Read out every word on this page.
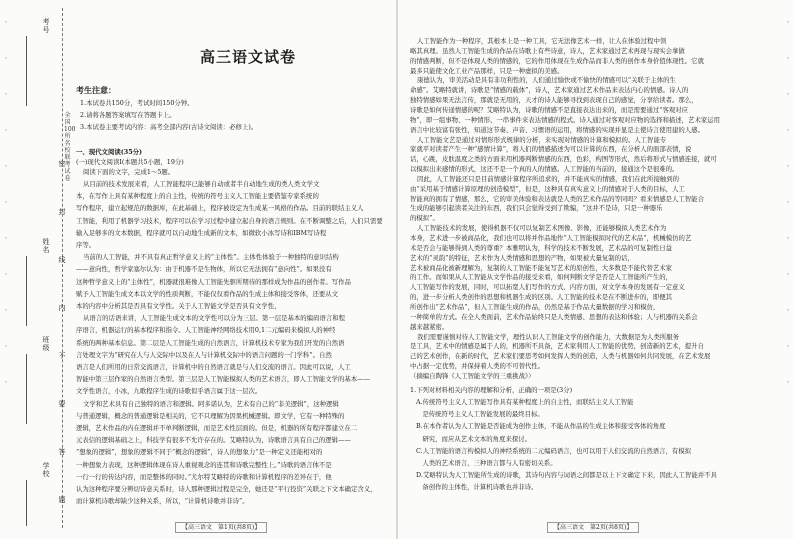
密
封
线
内
不
要
答
题
全国100所名校联考试卷
考号
姓名
班级
学校
◦

◦

◦

◦

◦

◦

◦

◦

◦

◦

◦
高三语文试卷
考生注意：
1.本试卷共150分，考试时间150分钟。
2.请将各题答案填写在答题卡上。
3.本试卷主要考试内容：高考全部内容(古诗文阅读：必修上)。
一、现代文阅读(35分)
(一)现代文阅读Ⅰ(本题共5小题，19分)
阅读下面的文字，完成1～5题。
从目前的技术发展来看，人工智能程序已能够自动或者半自动地生成的类人类文学文
本，在写作上具有某种程度上的自主性，传统的符号主义人工智能主要借鉴专家系统的
写作程序，建立起规范的数据库，在此基础上，程序被设定为生成某一风格的作品。目前的联结主义人
工智能，利用了机器学习技术，程序可以在学习过程中建立起自身的语言规则。在不断调整之后，人们只需要
输入足够多的文本数据，程序就可以自动地生成新的文本，如微软小冰写诗和IBM写诗程
序等。
当前的人工智能，并不具有真正哲学意义上的“主体性”。主体性体验于一种独特的意识结构
——意向性，哲学家塞尔认为：由于机器不是生物体，所以它无法拥有“意向性”。如果没有
这种哲学意义上的“主体性”，机器就很难像人工智能先驱所期待的那样成为作品的创作者。写作品
赋予人工智能生成文本以文学的性质判断，不能仅仅看作品的生成主体和接受客体，还要从文
本的内容中分析其是否具有文学性。关于人工智能文学是否具有文学性，
从语言的话语来讲，人工智能生成文本的文学性可以分为三层。第一层是基本的编码语言和程
序语言，机器运行的基本程序和指令。人工智能神经网络技术用0,1二元编码来模拟人的神经
系统的两种基本信息。第二层是人工智能生成的自然语言，计算机技术专家为我们开发的自然语
言处理文字为“研究在人与人交际中以及在人与计算机交际中的语言问题的一门学科”。自然
语言是人们所用的日常交流语言，计算机中的自然语言就是与人们交流的语言。因此可以说，人工
智能中第三层作家的自然语言类型。第三层是人工智能模拟人类的艺术语言，即人工智能文学的基本——
文学性语言，小冰，九歌程序生成的诗歌似乎语言属于这一层次。
文学和艺术具有自己独特的语言和逻辑。阿多诺认为，艺术有自己的“非美逻辑”，这种逻辑
与普通逻辑，概念的普通逻辑是相关的，它不只理解为因果机械逻辑。即文学，它有一种特殊的
逻辑，艺术作品的内在逻辑并不单判断逻辑，而是艺术性层面的。但是，机器的所有程序都建立在二
元表信的逻辑基础之上，科技学有很多不允许存在的。艾略特认为，诗歌语言具有自己的逻辑——
“想象的逻辑”，想象的逻辑不同于“概念的逻辑”，诗人的想象力“是一种定义还能相对的
一种想象力表现，这种逻辑体现在诗人重视观念的连贯和诗歌完整性上。”诗歌的语言体不是
一行一行的传达内容，而是整体的同时。”尤尔特艾略特的诗歌和计算机程序的差异在于，他
认为这种程序要分辨切诗意关系时，诗人那种逻辑过程是完全，她还是“平行投资”关联之下文本确定含义，
而计算机诗歌却缺少这种关系，所以，“计算机诗歌并非诗”。
【高三语文　第1页(共8页)】
人工智能作为一种程序，其根本上是一种工具，它无法像艺术一样，让人在体验过程中领
略其真理。虽然人工智能生成的作品在诗歌上有些诗意，诗人，艺术家通过艺术再现与现实会拿做
的情感判断，但不是体现人类的情感的，它的作用体现在生成作品而非人类的创作本身价值体现性。它就
最多只能使文化工业产品那样，只是一种虚拟的美感。
康德认为，审美活动是具有非功利性的，人们通过愉快或不愉快的情感可以“关联于主体的生
命感”。艾略特就讲，诗歌是“情感的载体”，诗人，艺术家通过艺术作品来表达内心的情感。诗人的
独特情感如果无法言传，那就是无用的，天才的诗人能够寻找到表现自己的感觉，分享给读者。那么，
诗歌是如何传递情感的呢？艾略特认为，诗歌的情感不是直接表达出来的，而是需要通过“客观对应
物”，即一组事物、一种情形、一串事件来表达情感的程式。诗人通过对客观对应物的选择和描述，艺术家运用
语言中比较富有张性，知道这节奏、声音、习惯语的运用，将情感的实现并显是主使诗言使用建的人感。
人工智能文艺是通过对情形形式规律的分析，来实现对情感的计算和模拟的。人工智能专
家就平对读者产生一种“感情计算”，将人们的情感描述为可以计算的东西，在分析人的面部表情，说
话，心跳，皮肤温度之类的方面来用机器判断情感的东西，色彩，构图等形式，然后将形式与情感连接，就可
以模拟出来感情的形式，这还不是一个真的人的情感。人工智能的当前的，接通这个是很难的。
因此，人工智能还只是目前情感计算程序所追求的，并不能真实的情感，我们在此所接触到的
由“采用基于情感计算原理的创造模型”，但是，这种具有真实意义上的情感对于人类的目标，人工
智能真的拥有了情感，那么，它的审美体验和表达就是人类的艺术作品的等同吗？看来情感是人工智能合
生成的能够引起读者关注的东西，我们只会觉得受到了欺骗，“这并不是诗，只是一种器乐
的模拟”。
人工智能技术的发展，使得机器不仅可以复制艺术图像、影像，还能够模拟人类艺术作为
本身，艺术进一步被商品化，我们也可以将并作品地作“人工智能模拟时代的艺术品”，机械模仿的艺
术是否会与能够得到人类的尊重？本雅明认为，科学的技术不断发展，艺术品的可复制性日益
艺术的“灵韵”的特征，艺术作为人类情感和思想的产物，如果被大量复制的话，
艺术被商品化被新理解为，复制的人工智能不能复写艺术的原创性，大多数是不能代替艺术家
的工作。而如果从人工智能从文学作品的接受来看，如何判断文学是否是人工智能所产生的，
人工智能写作的发展，同时，可以拓宽人们写作的方式、内容方面，对文学本身的发展有一定意义
的，进一步分析人类创作的思想和机器生成的区别。人工智能的技术是在不断进步的，即便其
所创作出“艺术作品”，但人工智能生成的作品，仍然是基于作品大量数据的学习和模仿，
一种简单的方式。在全人类面前，艺术作品始终只是人类情感、思想的表达和体验；人与机器的关系会
越来越紧密。
我们需要谨慎对待人工智能文学，理性认识人工智能文学的创作能力，大数据是为人类所服务
是工具，艺术中的情感是属于人的，机器所不具备，艺术家利用人工智能的优势，创造新的艺术，提升自
己的艺术创作，在新的时代，艺术家们要思考如何发挥人类的创造，人类与机器如何共同发展，在艺术发展
中占据一定优势，并保持着人类的不可替代性。
（摘编自陶锋《人工智能文学的三重挑战》）
1.下列对材料相关内容的理解和分析，正确的一项是(3分)
A.传统符号主义人工智能写作具有某种程度上的自主性，而联结主义人工智能
　是传统符号主义人工智能发展的最终目标。
B.在本作者认为人工智能是否能成为创作主体，不能从作品的生成主体和接受客体的角度
　研究，而应从艺术文本的角度来探讨。
C.人工智能的语言构模拟人的神经系统的二元编码语言，也可以用于人们交流的自然语言，有模拟
　人类的艺术语言，三种语言都与人有密切关系。
D.艾略特认为人工智能所生成的诗歌，其诗句内容与词语之间都是以上下文确定下来，因此人工智能并不具
　备创作的主体性，计算机诗歌也并非诗。
◦

◦

◦

◦

◦

◦

◦

◦

◦

◦

◦
【高三语文　第2页(共8页)】
